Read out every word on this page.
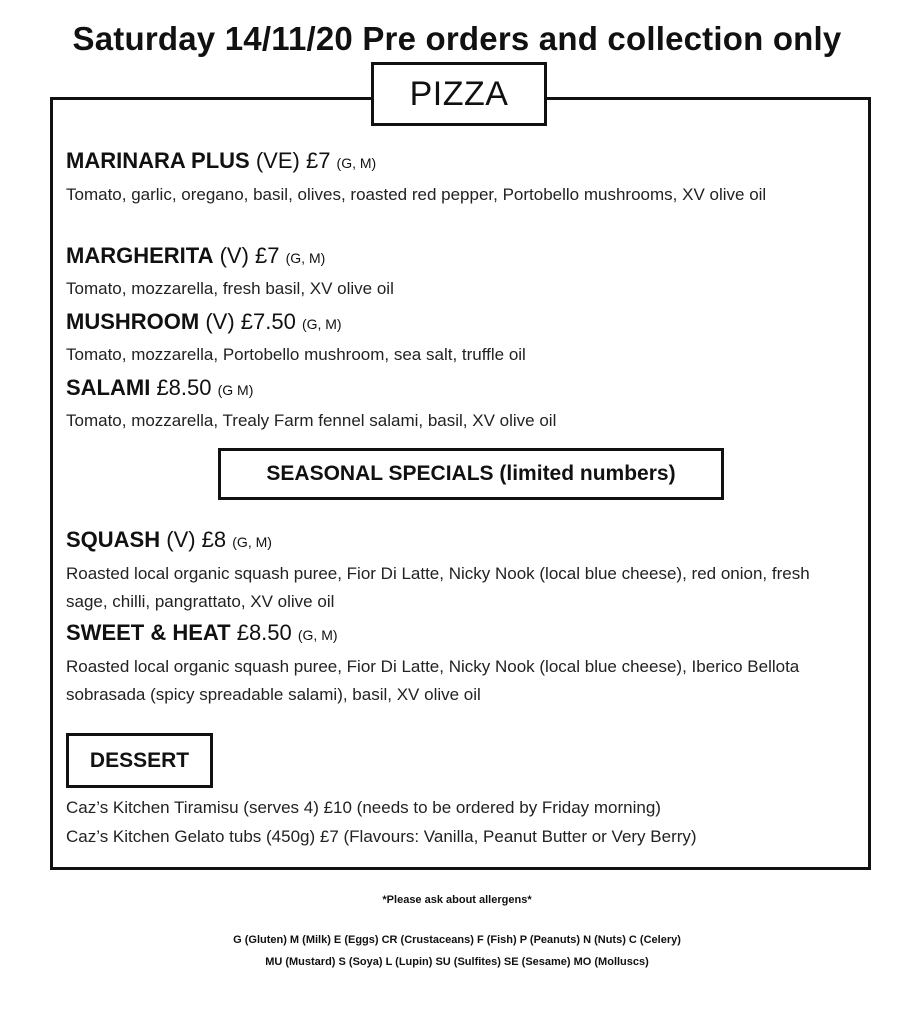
Saturday 14/11/20 Pre orders and collection only
PIZZA
MARINARA PLUS (VE) £7 (G, M)
Tomato, garlic, oregano, basil, olives, roasted red pepper, Portobello mushrooms, XV olive oil
MARGHERITA (V) £7 (G, M)
Tomato, mozzarella, fresh basil, XV olive oil
MUSHROOM (V) £7.50 (G, M)
Tomato, mozzarella, Portobello mushroom, sea salt, truffle oil
SALAMI £8.50 (G M)
Tomato, mozzarella, Trealy Farm fennel salami, basil, XV olive oil
SEASONAL SPECIALS (limited numbers)
SQUASH (V) £8 (G, M)
Roasted local organic squash puree, Fior Di Latte, Nicky Nook (local blue cheese), red onion, fresh sage, chilli, pangrattato, XV olive oil
SWEET & HEAT £8.50 (G, M)
Roasted local organic squash puree, Fior Di Latte, Nicky Nook (local blue cheese), Iberico Bellota sobrasada (spicy spreadable salami), basil, XV olive oil
DESSERT
Caz’s Kitchen Tiramisu (serves 4) £10 (needs to be ordered by Friday morning)
Caz’s Kitchen Gelato tubs (450g) £7 (Flavours: Vanilla, Peanut Butter or Very Berry)
*Please ask about allergens*
G (Gluten) M (Milk) E (Eggs) CR (Crustaceans) F (Fish) P (Peanuts) N (Nuts) C (Celery)
MU (Mustard) S (Soya) L (Lupin) SU (Sulfites) SE (Sesame) MO (Molluscs)
